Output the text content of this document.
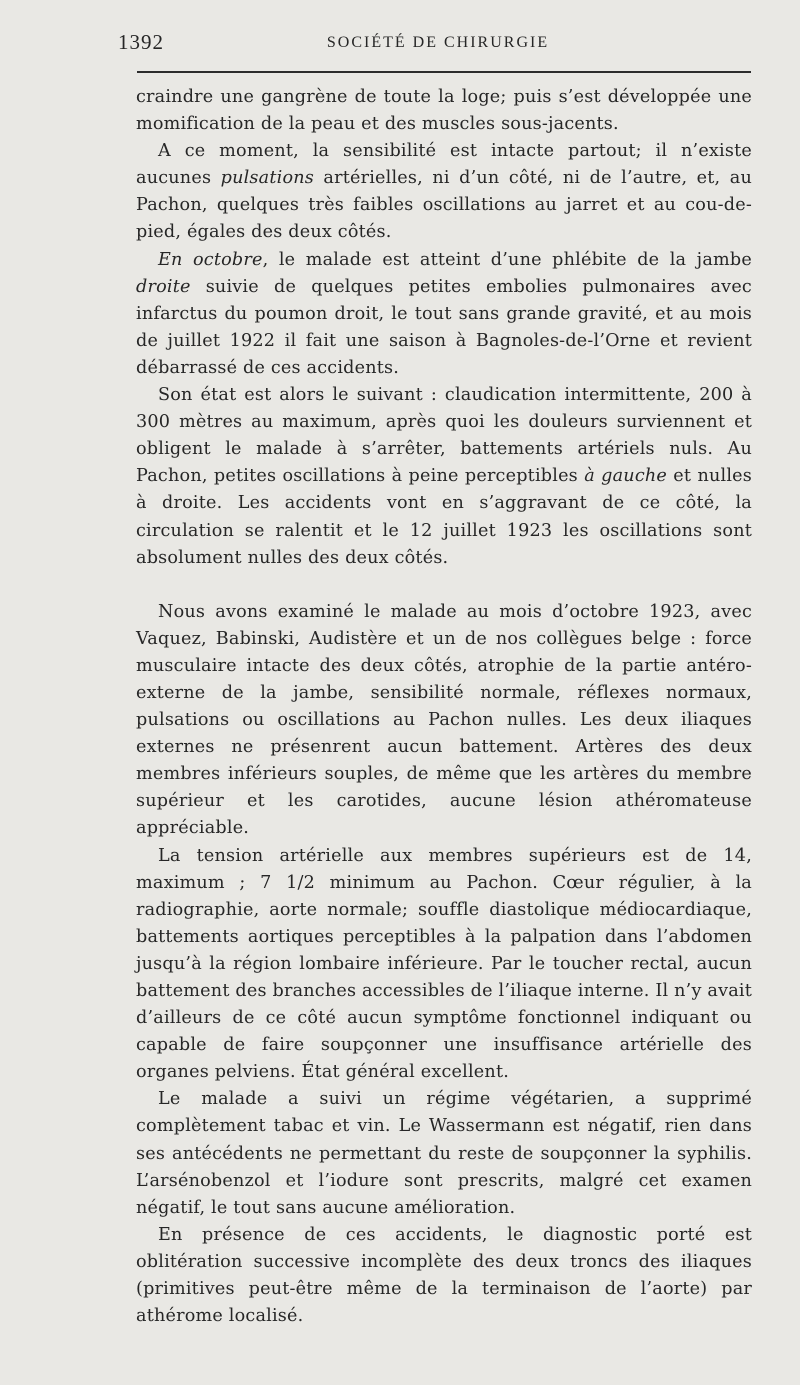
1392	SOCIÉTÉ DE CHIRURGIE

craindre une gangrène de toute la loge; puis s’est développée une momification de la peau et des muscles sous-jacents.

A ce moment, la sensibilité est intacte partout; il n’existe aucunes pulsations artérielles, ni d’un côté, ni de l’autre, et, au Pachon, quelques très faibles oscillations au jarret et au cou-de-pied, égales des deux côtés.

En octobre, le malade est atteint d’une phlébite de la jambe droite suivie de quelques petites embolies pulmonaires avec infarctus du poumon droit, le tout sans grande gravité, et au mois de juillet 1922 il fait une saison à Bagnoles-de-l’Orne et revient débarrassé de ces accidents.

Son état est alors le suivant : claudication intermittente, 200 à 300 mètres au maximum, après quoi les douleurs surviennent et obligent le malade à s’arrêter, battements artériels nuls. Au Pachon, petites oscillations à peine perceptibles à gauche et nulles à droite. Les accidents vont en s’aggravant de ce côté, la circulation se ralentit et le 12 juillet 1923 les oscillations sont absolument nulles des deux côtés.

Nous avons examiné le malade au mois d’octobre 1923, avec Vaquez, Babinski, Audistère et un de nos collègues belge : force musculaire intacte des deux côtés, atrophie de la partie antéro-externe de la jambe, sensibilité normale, réflexes normaux, pulsations ou oscillations au Pachon nulles. Les deux iliaques externes ne présenrent aucun battement. Artères des deux membres inférieurs souples, de même que les artères du membre supérieur et les carotides, aucune lésion athéromateuse appréciable.

La tension artérielle aux membres supérieurs est de 14, maximum ; 7 1/2 minimum au Pachon. Cœur régulier, à la radiographie, aorte normale; souffle diastolique médiocardiaque, battements aortiques perceptibles à la palpation dans l’abdomen jusqu’à la région lombaire inférieure. Par le toucher rectal, aucun battement des branches accessibles de l’iliaque interne. Il n’y avait d’ailleurs de ce côté aucun symptôme fonctionnel indiquant ou capable de faire soupçonner une insuffisance artérielle des organes pelviens. État général excellent.

Le malade a suivi un régime végétarien, a supprimé complètement tabac et vin. Le Wassermann est négatif, rien dans ses antécédents ne permettant du reste de soupçonner la syphilis. L’arsénobenzol et l’iodure sont prescrits, malgré cet examen négatif, le tout sans aucune amélioration.

En présence de ces accidents, le diagnostic porté est oblitération successive incomplète des deux troncs des iliaques (primitives peut-être même de la terminaison de l’aorte) par athérome localisé.
